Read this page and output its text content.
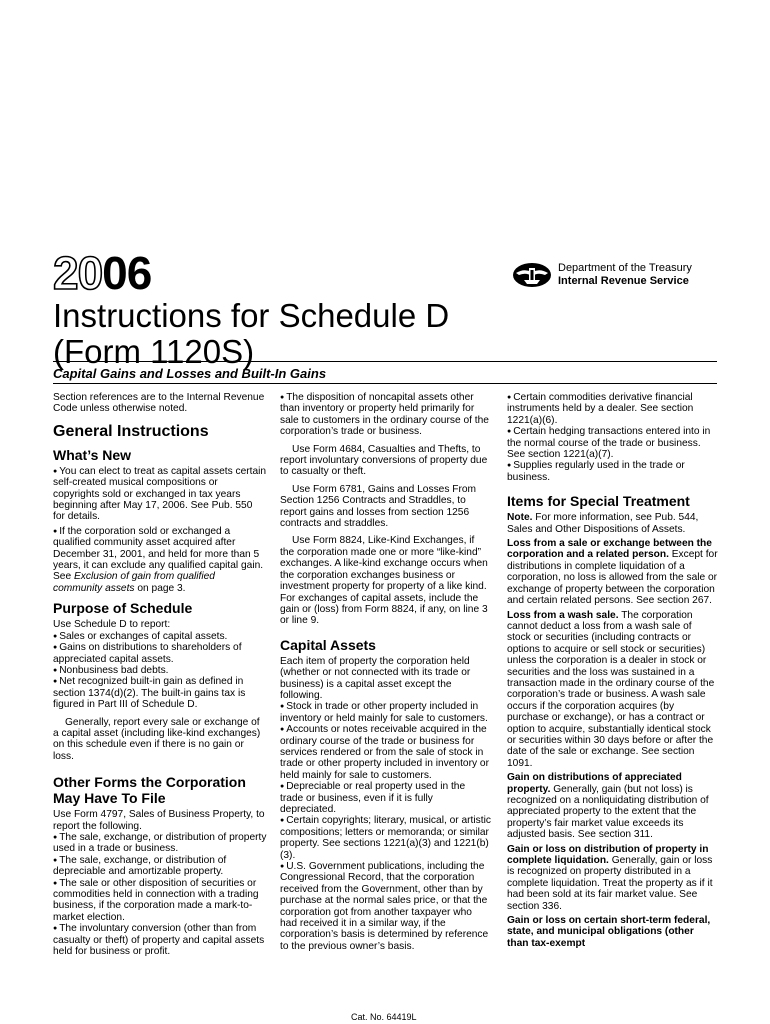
2006	Department of the Treasury
Internal Revenue Service
Instructions for Schedule D
(Form 1120S)
Capital Gains and Losses and Built-In Gains

Section references are to the Internal Revenue Code unless otherwise noted.

General Instructions
What’s New

● You can elect to treat as capital assets certain self-created musical compositions or copyrights sold or exchanged in tax years beginning after May 17, 2006. See Pub. 550 for details.

● If the corporation sold or exchanged a qualified community asset acquired after December 31, 2001, and held for more than 5 years, it can exclude any qualified capital gain. See Exclusion of gain from qualified community assets on page 3.

Purpose of Schedule

Use Schedule D to report:

● Sales or exchanges of capital assets.

● Gains on distributions to shareholders of appreciated capital assets.

● Nonbusiness bad debts.

● Net recognized built-in gain as defined in section 1374(d)(2). The built-in gains tax is figured in Part III of Schedule D.

Generally, report every sale or exchange of a capital asset (including like-kind exchanges) on this schedule even if there is no gain or loss.

Other Forms the Corporation May Have To File

Use Form 4797, Sales of Business Property, to report the following.

● The sale, exchange, or distribution of property used in a trade or business.

● The sale, exchange, or distribution of depreciable and amortizable property.

● The sale or other disposition of securities or commodities held in connection with a trading business, if the corporation made a mark-to-market election.

● The involuntary conversion (other than from casualty or theft) of property and capital assets held for business or profit.

● The disposition of noncapital assets other than inventory or property held primarily for sale to customers in the ordinary course of the corporation’s trade or business.

Use Form 4684, Casualties and Thefts, to report involuntary conversions of property due to casualty or theft.

Use Form 6781, Gains and Losses From Section 1256 Contracts and Straddles, to report gains and losses from section 1256 contracts and straddles.

Use Form 8824, Like-Kind Exchanges, if the corporation made one or more “like-kind” exchanges. A like-kind exchange occurs when the corporation exchanges business or investment property for property of a like kind. For exchanges of capital assets, include the gain or (loss) from Form 8824, if any, on line 3 or line 9.

Capital Assets

Each item of property the corporation held (whether or not connected with its trade or business) is a capital asset except the following.

● Stock in trade or other property included in inventory or held mainly for sale to customers.

● Accounts or notes receivable acquired in the ordinary course of the trade or business for services rendered or from the sale of stock in trade or other property included in inventory or held mainly for sale to customers.

● Depreciable or real property used in the trade or business, even if it is fully depreciated.

● Certain copyrights; literary, musical, or artistic compositions; letters or memoranda; or similar property. See sections 1221(a)(3) and 1221(b)(3).

● U.S. Government publications, including the Congressional Record, that the corporation received from the Government, other than by purchase at the normal sales price, or that the corporation got from another taxpayer who had received it in a similar way, if the corporation’s basis is determined by reference to the previous owner’s basis.

● Certain commodities derivative financial instruments held by a dealer. See section 1221(a)(6).

● Certain hedging transactions entered into in the normal course of the trade or business. See section 1221(a)(7).

● Supplies regularly used in the trade or business.

Items for Special Treatment

Note. For more information, see Pub. 544, Sales and Other Dispositions of Assets.

Loss from a sale or exchange between the corporation and a related person. Except for distributions in complete liquidation of a corporation, no loss is allowed from the sale or exchange of property between the corporation and certain related persons. See section 267.

Loss from a wash sale. The corporation cannot deduct a loss from a wash sale of stock or securities (including contracts or options to acquire or sell stock or securities) unless the corporation is a dealer in stock or securities and the loss was sustained in a transaction made in the ordinary course of the corporation’s trade or business. A wash sale occurs if the corporation acquires (by purchase or exchange), or has a contract or option to acquire, substantially identical stock or securities within 30 days before or after the date of the sale or exchange. See section 1091.

Gain on distributions of appreciated property. Generally, gain (but not loss) is recognized on a nonliquidating distribution of appreciated property to the extent that the property’s fair market value exceeds its adjusted basis. See section 311.

Gain or loss on distribution of property in complete liquidation. Generally, gain or loss is recognized on property distributed in a complete liquidation. Treat the property as if it had been sold at its fair market value. See section 336.

Gain or loss on certain short-term federal, state, and municipal obligations (other than tax-exempt

Cat. No. 64419L
